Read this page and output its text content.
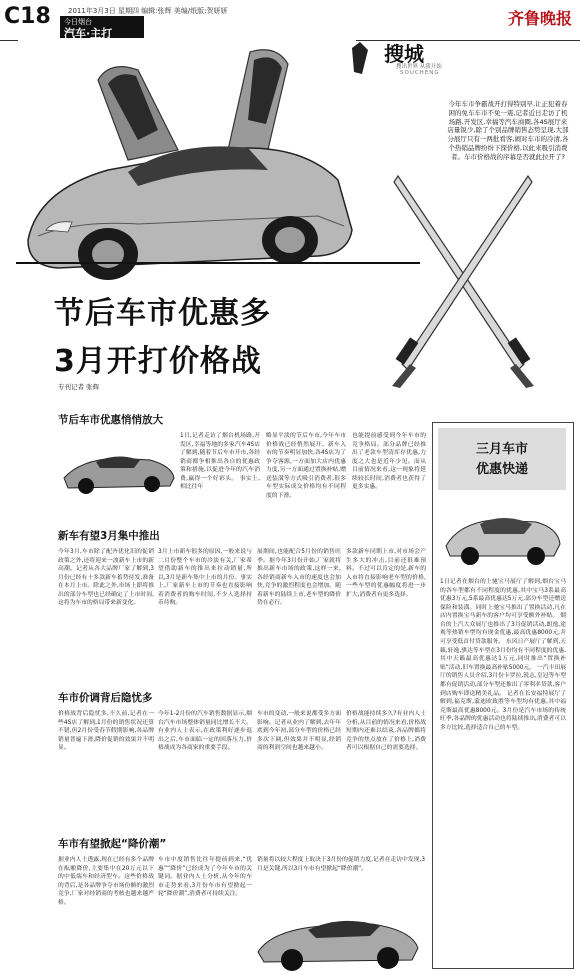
C18 2011年3月3日 星期四 编辑:张辉 美编/纸版:贺妍妍
今日烟台
汽车·主打
齐鲁晚报
搜城
搜出世界 从我开始
SOUCHENG
今年车市争霸战开打得特别早,让正犯着春困的免车车市不免一震,记者近日走访了机场路,开发区,幸福等汽车商圈,各4S展厅来店量锐少,除了个别品牌销售态势呈现,大部分展厅只有一两批看客,闹对车市的冷清,各个热销品牌纷纷下探价格,以此来吸引消费者。车市价格战的序幕是否就此拉开了?
节后车市优惠多
3月开打价格战
专刊记者 张辉
节后车市优惠悄悄放大
1日,记者走访了烟台机场路,开发区,幸福等地的多家汽车4S店了解到,随着节后车市开市,各经销商都争相推出各自的优惠政策和措施,以促进今年的汽车消费,赢得一个好彩头。 事实上,相比往年
略显平淡的节后车市,今年车市价格战已经悄然展开。新车入市的节奏明显加快,各4S店为了争夺客源,一方面加大店内优惠力度,另一方面通过置换补贴,赠送装潢等方式吸引消费者,很多车型实际成交价格均有不同程度的下滑。
也能提前感受到今年车市的竞争格局。部分品牌已经推出了老款车型清库存优惠,力度之大也是近年少见。而从目前情况来看,这一现象将延续较长时间,消费者也获得了更多实惠。
新车有望3月集中推出
今年3月,车市除了配齐优化旧的促销政策之外,还将迎来一波新车上市的新高潮。记者从各大品牌厂家了解到,3月份已经有十多款新车蓄势待发,准备在本月上市。除此之外,市场上即将推出的部分车型也已经确定了上市时间,这将为车市的格局带来新变化。
3月上市新车很多的原因,一般来说与二月份整个车市的冷淡有关,厂家希望借助新车的推出来拉动销量,所以,3月是新车集中上市的月份。事实上,厂家新车上市的节奏也直接影响着消费者的购车时间,不少人选择持币待购。
展期间,也能配合5月份的销售旺季。据今年3月份开始,厂家就将推出新车市场的政策,这样一来,各经销商新车入市的速度也会加快,竞争的激烈程度也会增加。随着新车的陆续上市,老车型的降价势在必行。
多款新车同期上市,对市场会产生多大的冲击,目前还很难预料。不过可以肯定的是,新车的入市将直接影响老车型的价格,一些车型的优惠幅度将进一步扩大,消费者有更多选择。
车市价调背后隐忧多
价格战背后隐忧多,不久前,记者在一些4S店了解到,1月份的销售状况还算不错,但2月份受春节假期影响,各品牌销量普遍下滑,降价促销的效果并不明显。
今年1-2月份的汽车销售数据显示,烟台汽车市场整体销量同比增长不大。有业内人士表示,在政策利好逐步退出之后,车市面临一定的回落压力,价格战成为各商家的重要手段。
车市的变动,一般来说都受多方面影响。记者从业内了解到,去年年底到今年初,部分车型的价格已经多次下调,但效果并不明显,经销商的利润空间也越来越小。
价格战能持续多久?有业内人士分析,从目前的情况来看,价格战短期内还难以结束,各品牌都将竞争的焦点放在了价格上,消费者可以根据自己的需要选择。
车市有望掀起“降价潮”
据业内人士透露,现在已经有多个品牌在酝酿降价,主要集中在20万元以下的中低端车和经济型车。这些价格战的背后,是各品牌争夺市场份额的激烈竞争,厂家对经销商的考核也越来越严格。
车市中度销售比往年提前到来,“优惠”“降价”已经成为了今年车市的关键词。据业内人士分析,从今年的车市走势来看,3月份车市有望掀起一轮“降价潮”,消费者可持续关注。
销量将以较大程度上取决于3月份的促销力度,记者在走访中发现,3月是关键,所以3月车市有望掀起“降价潮”。
三月车市
优惠快递
1日记者在烟台的上驰宝马展厅了解到,烟台宝马的各车型都有不同程度的优惠,其中宝马3系最高优惠3万元,5系最高优惠达5万元,部分车型还赠送保险和装潢。同时上驰宝马推出了置换活动,凡在店内置换宝马新车的客户均可享受额外补贴。 烟台的上汽大众展厅也推出了3月促销活动,朗逸,途观等热销车型均有现金优惠,最高优惠8000元,并可享受低首付贷款服务。 东风日产展厅了解到,天籁,轩逸,骐达等车型在3月份均有不同程度的优惠,其中天籁最高优惠达1万元,同时推出“置换补贴”活动,旧车置换最高补贴5000元。 一汽丰田展厅的销售人员介绍,3月份卡罗拉,锐志,皇冠等车型都有促销活动,部分车型还推出了零利率贷款,客户到店购车即送精美礼品。 记者在长安福特展厅了解到,福克斯,蒙迪欧致胜等车型均有优惠,其中福克斯最高优惠8000元。3月份是汽车市场的传统旺季,各品牌的优惠活动也将陆续推出,消费者可以多方比较,选择适合自己的车型。
